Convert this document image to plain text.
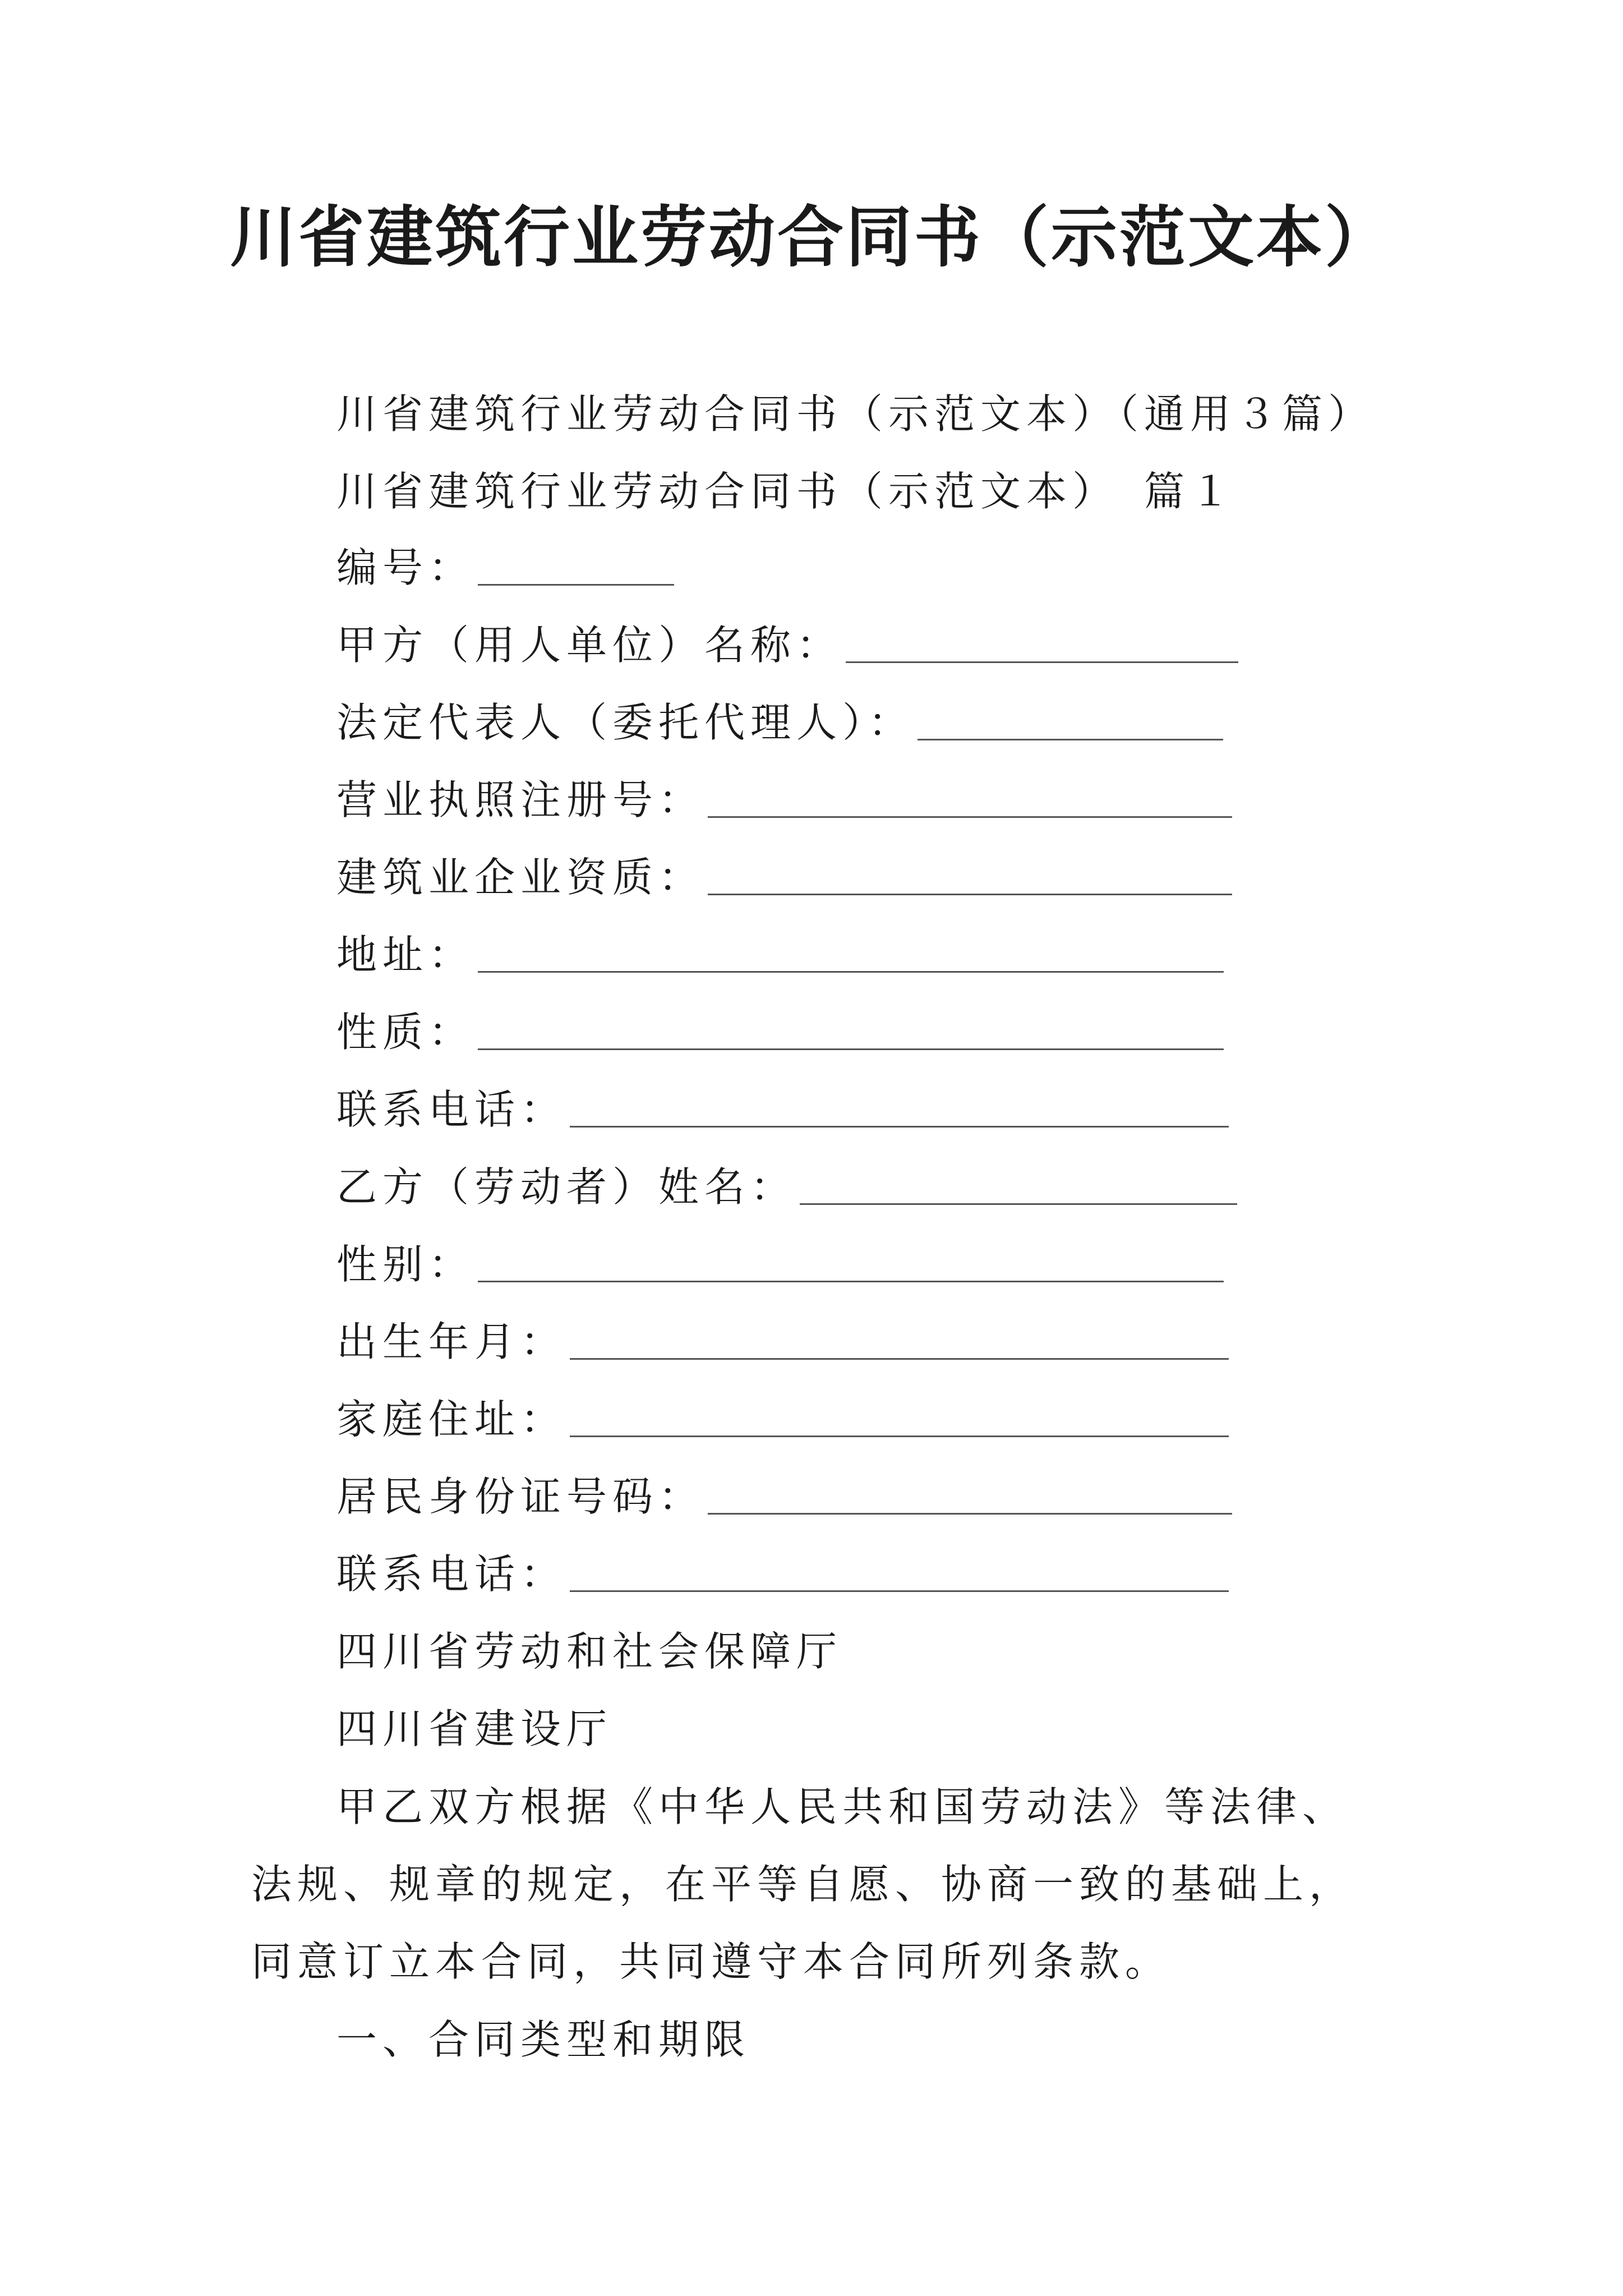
川省建筑行业劳动合同书（示范文本）
川省建筑行业劳动合同书（示范文本）（通用３篇）
川省建筑行业劳动合同书（示范文本）　篇１
编号：
甲方（用人单位）名称：
法定代表人（委托代理人）：
营业执照注册号：
建筑业企业资质：
地址：
性质：
联系电话：
乙方（劳动者）姓名：
性别：
出生年月：
家庭住址：
居民身份证号码：
联系电话：
四川省劳动和社会保障厅
四川省建设厅
甲乙双方根据《中华人民共和国劳动法》等法律、法规、规章的规定，在平等自愿、协商一致的基础上，同意订立本合同，共同遵守本合同所列条款。
一、合同类型和期限
